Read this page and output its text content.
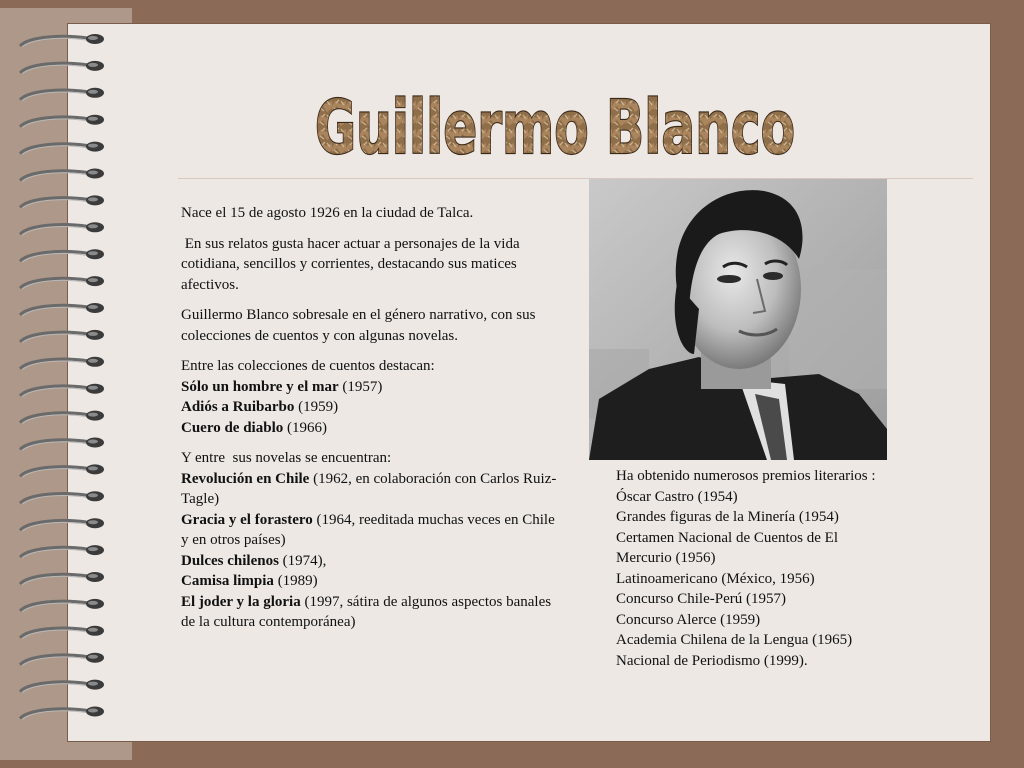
Guillermo Blanco

Nace el 15 de agosto 1926 en la ciudad de Talca.

En sus relatos gusta hacer actuar a personajes de la vida cotidiana, sencillos y corrientes, destacando sus matices afectivos.

Guillermo Blanco sobresale en el género narrativo, con sus colecciones de cuentos y con algunas novelas.

Entre las colecciones de cuentos destacan:
Sólo un hombre y el mar (1957)
Adiós a Ruibarbo (1959)
Cuero de diablo (1966)

Y entre  sus novelas se encuentran:
Revolución en Chile (1962, en colaboración con Carlos Ruiz-Tagle)
Gracia y el forastero (1964, reeditada muchas veces en Chile y en otros países)
Dulces chilenos (1974),
Camisa limpia (1989)
El joder y la gloria (1997, sátira de algunos aspectos banales de la cultura contemporánea)

Ha obtenido numerosos premios literarios :
Óscar Castro (1954)
Grandes figuras de la Minería (1954)
Certamen Nacional de Cuentos de El Mercurio (1956)
Latinoamericano (México, 1956)
Concurso Chile-Perú (1957)
Concurso Alerce (1959)
Academia Chilena de la Lengua (1965)
Nacional de Periodismo (1999).
